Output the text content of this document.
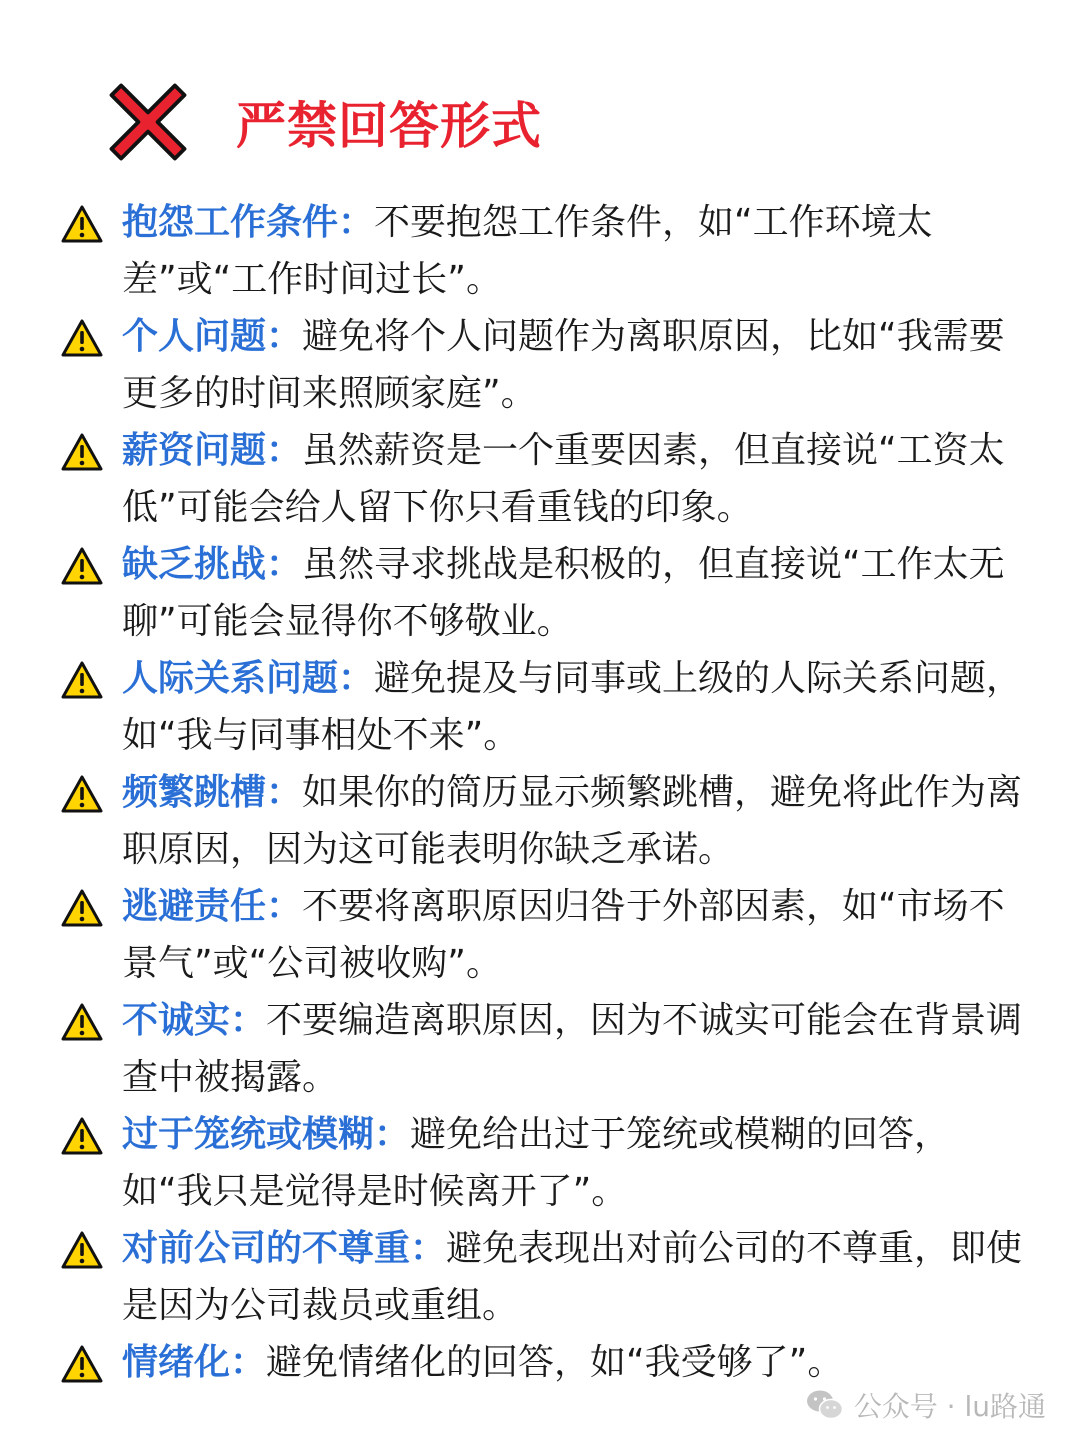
严禁回答形式
抱怨工作条件：不要抱怨工作条件，如“工作环境太差”或“工作时间过长”。
个人问题：避免将个人问题作为离职原因，比如“我需要更多的时间来照顾家庭”。
薪资问题：虽然薪资是一个重要因素，但直接说“工资太低”可能会给人留下你只看重钱的印象。
缺乏挑战：虽然寻求挑战是积极的，但直接说“工作太无聊”可能会显得你不够敬业。
人际关系问题：避免提及与同事或上级的人际关系问题，如“我与同事相处不来”。
频繁跳槽：如果你的简历显示频繁跳槽，避免将此作为离职原因，因为这可能表明你缺乏承诺。
逃避责任：不要将离职原因归咎于外部因素，如“市场不景气”或“公司被收购”。
不诚实：不要编造离职原因，因为不诚实可能会在背景调查中被揭露。
过于笼统或模糊：避免给出过于笼统或模糊的回答，如“我只是觉得是时候离开了”。
对前公司的不尊重：避免表现出对前公司的不尊重，即使是因为公司裁员或重组。
情绪化：避免情绪化的回答，如“我受够了”。
公众号 · lu路通
